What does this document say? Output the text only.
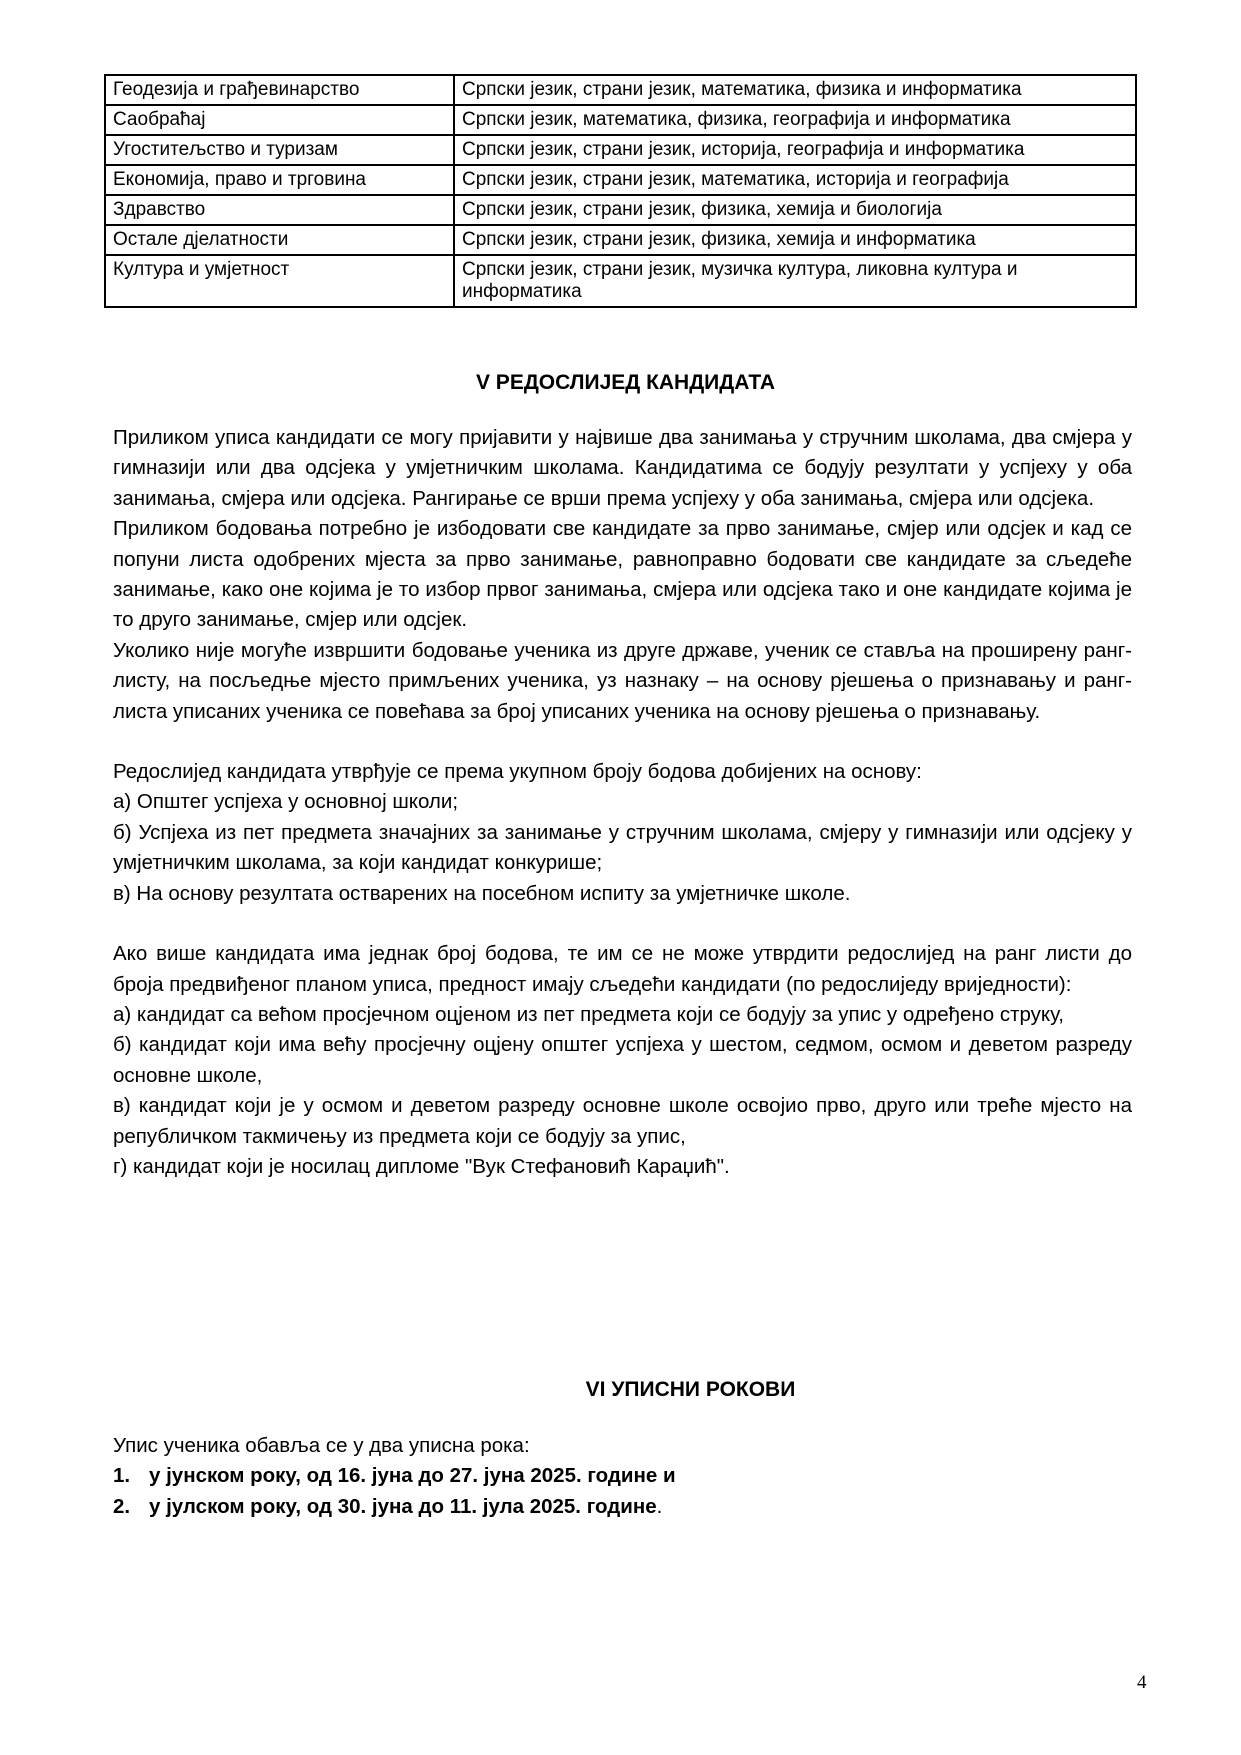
Геодезија и грађевинарство	Српски језик, страни језик, математика, физика и информатика
Саобраћај	Српски језик, математика, физика, географија и информатика
Угоститељство и туризам	Српски језик, страни језик, историја, географија и информатика
Економија, право и трговина	Српски језик, страни језик, математика, историја и географија
Здравство	Српски језик, страни језик, физика, хемија и биологија
Остале дјелатности	Српски језик, страни језик, физика, хемија и информатика
Култура и умјетност	Српски језик, страни језик, музичка култура, ликовна култура и информатика
V РЕДОСЛИЈЕД КАНДИДАТА

Приликом уписа кандидати се могу пријавити у највише два занимања у стручним школама, два смјера у гимназији или два одсјека у умјетничким школама. Кандидатима се бодују резултати у успјеху у оба занимања, смјера или одсјека. Рангирање се врши према успјеху у оба занимања, смјера или одсјека.

Приликом бодовања потребно је избодовати све кандидате за прво занимање, смјер или одсјек и кад се попуни листа одобрених мјеста за прво занимање, равноправно бодовати све кандидате за сљедеће занимање, како оне којима је то избор првог занимања, смјера или одсјека тако и оне кандидате којима је то друго занимање, смјер или одсјек.

Уколико није могуће извршити бодовање ученика из друге државе, ученик се ставља на проширену ранг-листу, на посљедње мјесто примљених ученика, уз назнаку – на основу рјешења о признавању и ранг-листа уписаних ученика се повећава за број уписаних ученика на основу рјешења о признавању.

Редослијед кандидата утврђује се према укупном броју бодова добијених на основу:

а) Општег успјеха у основној школи;

б) Успјеха из пет предмета значајних за занимање у стручним школама, смјеру у гимназији или одсјеку у умјетничким школама, за који кандидат конкурише;

в) На основу резултата остварених на посебном испиту за умјетничке школе.

Ако више кандидата има једнак број бодова, те им се не може утврдити редослијед на ранг листи до броја предвиђеног планом уписа, предност имају сљедећи кандидати (по редослиједу вриједности):

а) кандидат са већом просјечном оцјеном из пет предмета који се бодују за упис у одређено струку,

б) кандидат који има већу просјечну оцјену општег успјеха у шестом, седмом, осмом и деветом разреду основне школе,

в) кандидат који је у осмом и деветом разреду основне школе освојио прво, друго или треће мјесто на републичком такмичењу из предмета који се бодују за упис,

г) кандидат који је носилац дипломе "Вук Стефановић Караџић".

VI УПИСНИ РОКОВИ

Упис ученика обавља се у два уписна рока:

1. у јунском року, од 16. јуна до 27. јуна 2025. године и
2. у јулском року, од 30. јуна до 11. јула 2025. године.
4
